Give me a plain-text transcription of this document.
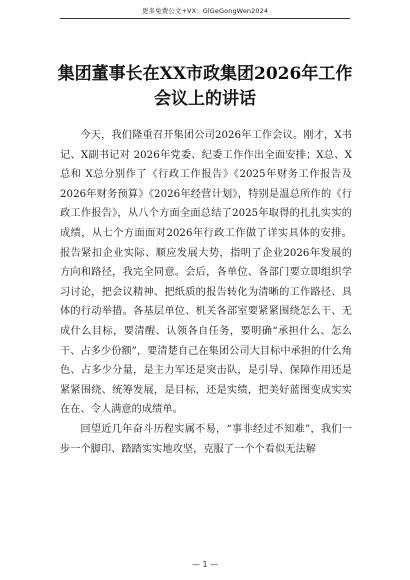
更多免费公文+VX：GlGeGongWen2024
集团董事长在XX市政集团2026年工作会议上的讲话

今天，我们隆重召开集团公司2026年工作会议。刚才，X书记、X副书记对 2026年党委、纪委工作作出全面安排；X总、X总和 X总分别作了《行政工作报告》《2025年财务工作报告及 2026年财务预算》《2026年经营计划》，特别是温总所作的《行政工作报告》，从八个方面全面总结了2025年取得的扎扎实实的成绩，从七个方面面对2026年行政工作做了详实具体的安排。报告紧扣企业实际、顺应发展大势，指明了企业2026年发展的方向和路径，我完全同意。会后，各单位、各部门要立即组织学习讨论，把会议精神、把纸质的报告转化为清晰的工作路径、具体的行动举措。各基层单位、机关各部室要紧紧围绕怎么干、无成什么目标，要清醒、认领各自任务，要明确“承担什么、怎么干、占多少份额”，要清楚自己在集团公司大目标中承担的什么角色、占多少分量，是主力军还是突击队，是引导、保障作用还是紧紧围绕、统筹发展，是目标，还是实绩，把美好蓝图变成实实在在、令人满意的成绩单。

回望近几年奋斗历程实属不易，“事非经过不知难”，我们一步一个脚印、踏踏实实地攻坚，克服了一个个看似无法解

— 1 —
